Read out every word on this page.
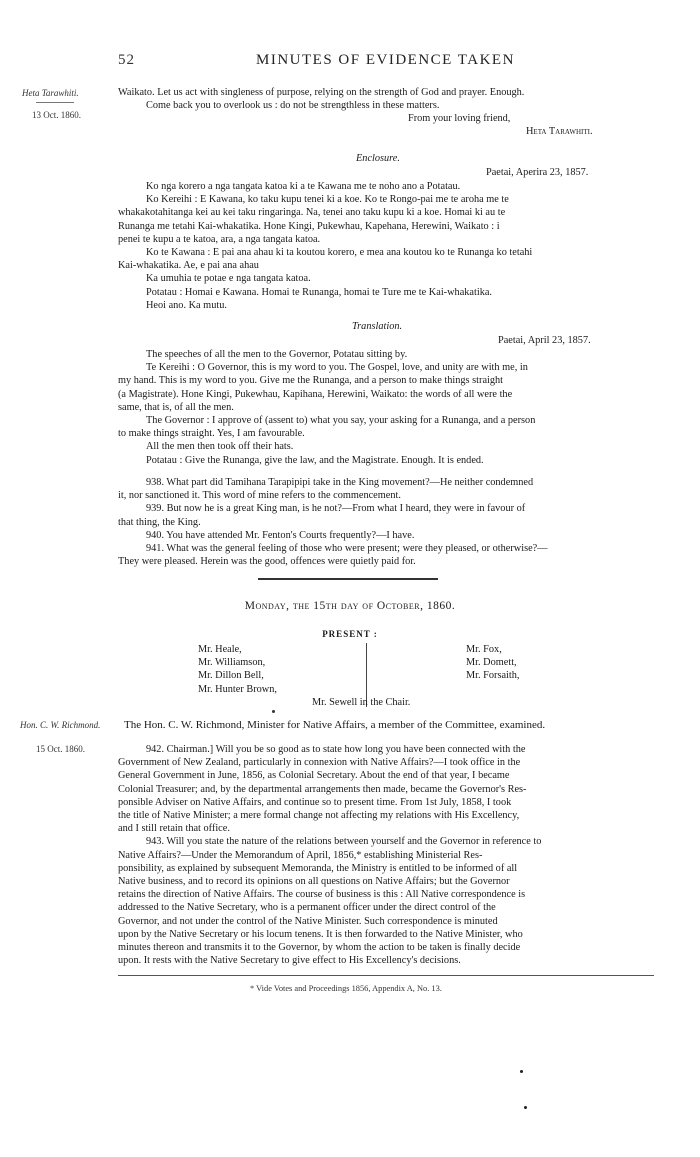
52	MINUTES OF EVIDENCE TAKEN
Heta Tarawhiti.
13 Oct. 1860.
Waikato. Let us act with singleness of purpose, relying on the strength of God and prayer. Enough.
Come back you to overlook us : do not be strengthless in these matters.
From your loving friend,
Heta Tarawhiti.
Enclosure.
Paetai, Aperira 23, 1857.
Ko nga korero a nga tangata katoa ki a te Kawana me te noho ano a Potatau.
Ko Kereihi : E Kawana, ko taku kupu tenei ki a koe. Ko te Rongo-pai me te aroha me te
whakakotahitanga kei au kei taku ringaringa. Na, tenei ano taku kupu ki a koe. Homai ki au te
Runanga me tetahi Kai-whakatika. Hone Kingi, Pukewhau, Kapehana, Herewini, Waikato : i
penei te kupu a te katoa, ara, a nga tangata katoa.
Ko te Kawana : E pai ana ahau ki ta koutou korero, e mea ana koutou ko te Runanga ko tetahi
Kai-whakatika. Ae, e pai ana ahau
Ka umuhia te potae e nga tangata katoa.
Potatau : Homai e Kawana. Homai te Runanga, homai te Ture me te Kai-whakatika.
Heoi ano. Ka mutu.
Translation.
Paetai, April 23, 1857.
The speeches of all the men to the Governor, Potatau sitting by.
Te Kereihi : O Governor, this is my word to you. The Gospel, love, and unity are with me, in
my hand. This is my word to you. Give me the Runanga, and a person to make things straight
(a Magistrate). Hone Kingi, Pukewhau, Kapihana, Herewini, Waikato: the words of all were the
same, that is, of all the men.
The Governor : I approve of (assent to) what you say, your asking for a Runanga, and a person
to make things straight. Yes, I am favourable.
All the men then took off their hats.
Potatau : Give the Runanga, give the law, and the Magistrate. Enough. It is ended.
938. What part did Tamihana Tarapipipi take in the King movement?—He neither condemned
it, nor sanctioned it. This word of mine refers to the commencement.
939. But now he is a great King man, is he not?—From what I heard, they were in favour of
that thing, the King.
940. You have attended Mr. Fenton's Courts frequently?—I have.
941. What was the general feeling of those who were present; were they pleased, or otherwise?—
They were pleased. Herein was the good, offences were quietly paid for.
Monday, the 15th day of October, 1860.
PRESENT :
Mr. Heale,
Mr. Williamson,
Mr. Dillon Bell,
Mr. Hunter Brown,
Mr. Fox,
Mr. Domett,
Mr. Forsaith,
Mr. Sewell in the Chair.
Hon. C. W. Richmond. The Hon. C. W. Richmond, Minister for Native Affairs, a member of the Committee, examined.
15 Oct. 1860.	942. Chairman.] Will you be so good as to state how long you have been connected with the
Government of New Zealand, particularly in connexion with Native Affairs?—I took office in the
General Government in June, 1856, as Colonial Secretary. About the end of that year, I became
Colonial Treasurer; and, by the departmental arrangements then made, became the Governor's Res-
ponsible Adviser on Native Affairs, and continue so to present time. From 1st July, 1858, I took
the title of Native Minister; a mere formal change not affecting my relations with His Excellency,
and I still retain that office.
943. Will you state the nature of the relations between yourself and the Governor in reference to
Native Affairs?—Under the Memorandum of April, 1856,* establishing Ministerial Res-
ponsibility, as explained by subsequent Memoranda, the Ministry is entitled to be informed of all
Native business, and to record its opinions on all questions on Native Affairs; but the Governor
retains the direction of Native Affairs. The course of business is this : All Native correspondence is
addressed to the Native Secretary, who is a permanent officer under the direct control of the
Governor, and not under the control of the Native Minister. Such correspondence is minuted
upon by the Native Secretary or his locum tenens. It is then forwarded to the Native Minister, who
minutes thereon and transmits it to the Governor, by whom the action to be taken is finally decide
upon. It rests with the Native Secretary to give effect to His Excellency's decisions.
* Vide Votes and Proceedings 1856, Appendix A, No. 13.
